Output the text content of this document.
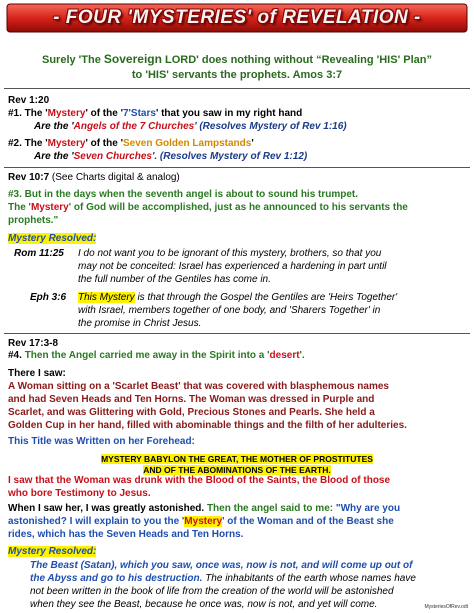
- FOUR 'MYSTERIES' of REVELATION -
Surely 'The Sovereign LORD' does nothing without “Revealing 'HIS' Plan”
to 'HIS' servants the prophets. Amos 3:7
Rev 1:20
#1. The 'Mystery' of the '7'Stars' that you saw in my right hand
Are the 'Angels of the 7 Churches' (Resolves Mystery of Rev 1:16)
#2. The 'Mystery' of the 'Seven Golden Lampstands'
Are the 'Seven Churches'. (Resolves Mystery of Rev 1:12)
Rev 10:7 (See Charts digital & analog)
#3. But in the days when the seventh angel is about to sound his trumpet.
The 'Mystery' of God will be accomplished, just as he announced to his servants the
prophets."
Mystery Resolved:
Rom 11:25 I do not want you to be ignorant of this mystery, brothers, so that you
may not be conceited: Israel has experienced a hardening in part until
the full number of the Gentiles has come in.
Eph 3:6 This Mystery is that through the Gospel the Gentiles are 'Heirs Together'
with Israel, members together of one body, and 'Sharers Together' in
the promise in Christ Jesus.
Rev 17:3-8
#4. Then the Angel carried me away in the Spirit into a 'desert'.
There I saw:
A Woman sitting on a 'Scarlet Beast' that was covered with blasphemous names
and had Seven Heads and Ten Horns. The Woman was dressed in Purple and
Scarlet, and was Glittering with Gold, Precious Stones and Pearls. She held a
Golden Cup in her hand, filled with abominable things and the filth of her adulteries.
This Title was Written on her Forehead:
MYSTERY BABYLON THE GREAT, THE MOTHER OF PROSTITUTES
AND OF THE ABOMINATIONS OF THE EARTH.
I saw that the Woman was drunk with the Blood of the Saints, the Blood of those
who bore Testimony to Jesus.
When I saw her, I was greatly astonished. Then the angel said to me: "Why are you
astonished? I will explain to you the 'Mystery' of the Woman and of the Beast she
rides, which has the Seven Heads and Ten Horns.
Mystery Resolved:
The Beast (Satan), which you saw, once was, now is not, and will come up out of
the Abyss and go to his destruction. The inhabitants of the earth whose names have
not been written in the book of life from the creation of the world will be astonished
when they see the Beast, because he once was, now is not, and yet will come.	MysteriesOfRev.odt
